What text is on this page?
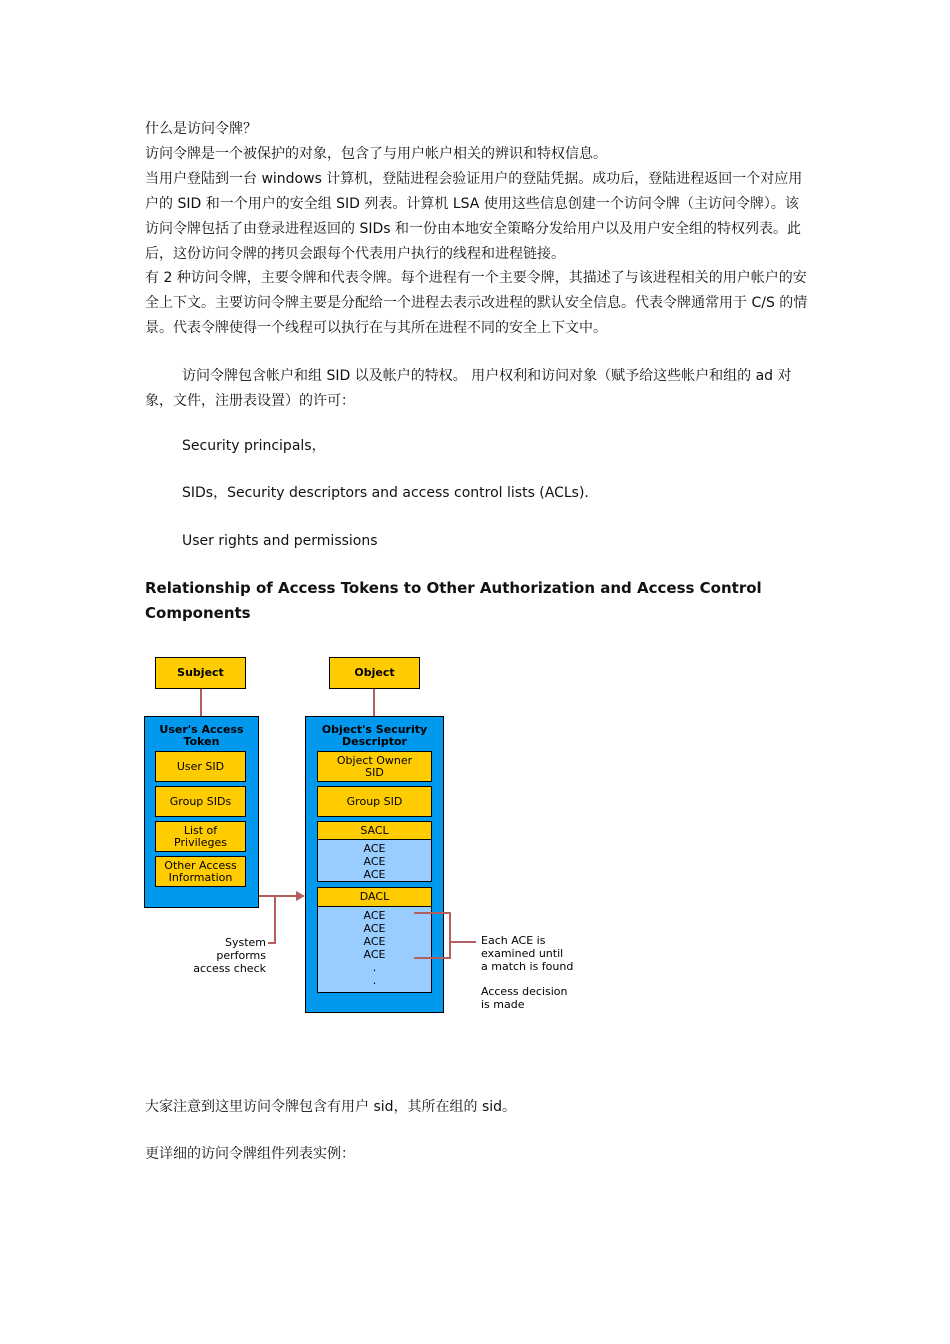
什么是访问令牌？

访问令牌是一个被保护的对象，包含了与用户帐户相关的辨识和特权信息。

当用户登陆到一台 windows 计算机，登陆进程会验证用户的登陆凭据。成功后，登陆进程返回一个对应用户的 SID 和一个用户的安全组 SID 列表。计算机 LSA 使用这些信息创建一个访问令牌（主访问令牌）。该访问令牌包括了由登录进程返回的 SIDs 和一份由本地安全策略分发给用户以及用户安全组的特权列表。此后，这份访问令牌的拷贝会跟每个代表用户执行的线程和进程链接。

有 2 种访问令牌，主要令牌和代表令牌。每个进程有一个主要令牌，其描述了与该进程相关的用户帐户的安全上下文。主要访问令牌主要是分配给一个进程去表示改进程的默认安全信息。代表令牌通常用于 C/S 的情景。代表令牌使得一个线程可以执行在与其所在进程不同的安全上下文中。

访问令牌包含帐户和组 SID 以及帐户的特权。 用户权利和访问对象（赋予给这些帐户和组的 ad 对象，文件，注册表设置）的许可：

Security principals，

SIDs，Security descriptors and access control lists (ACLs).

User rights and permissions

Relationship of Access Tokens to Other Authorization and Access Control Components

Subject	Object
User's Access
Token
User SID
Group SIDs
List of
Privileges
Other Access
Information
Object's Security
Descriptor
Object Owner
SID
Group SID
SACL
ACE
ACE
ACE
DACL
ACE
ACE
ACE
ACE
.
.
System
performs
access check
Each ACE is
examined until
a match is found
Access decision
is made

大家注意到这里访问令牌包含有用户 sid，其所在组的 sid。

更详细的访问令牌组件列表实例：
